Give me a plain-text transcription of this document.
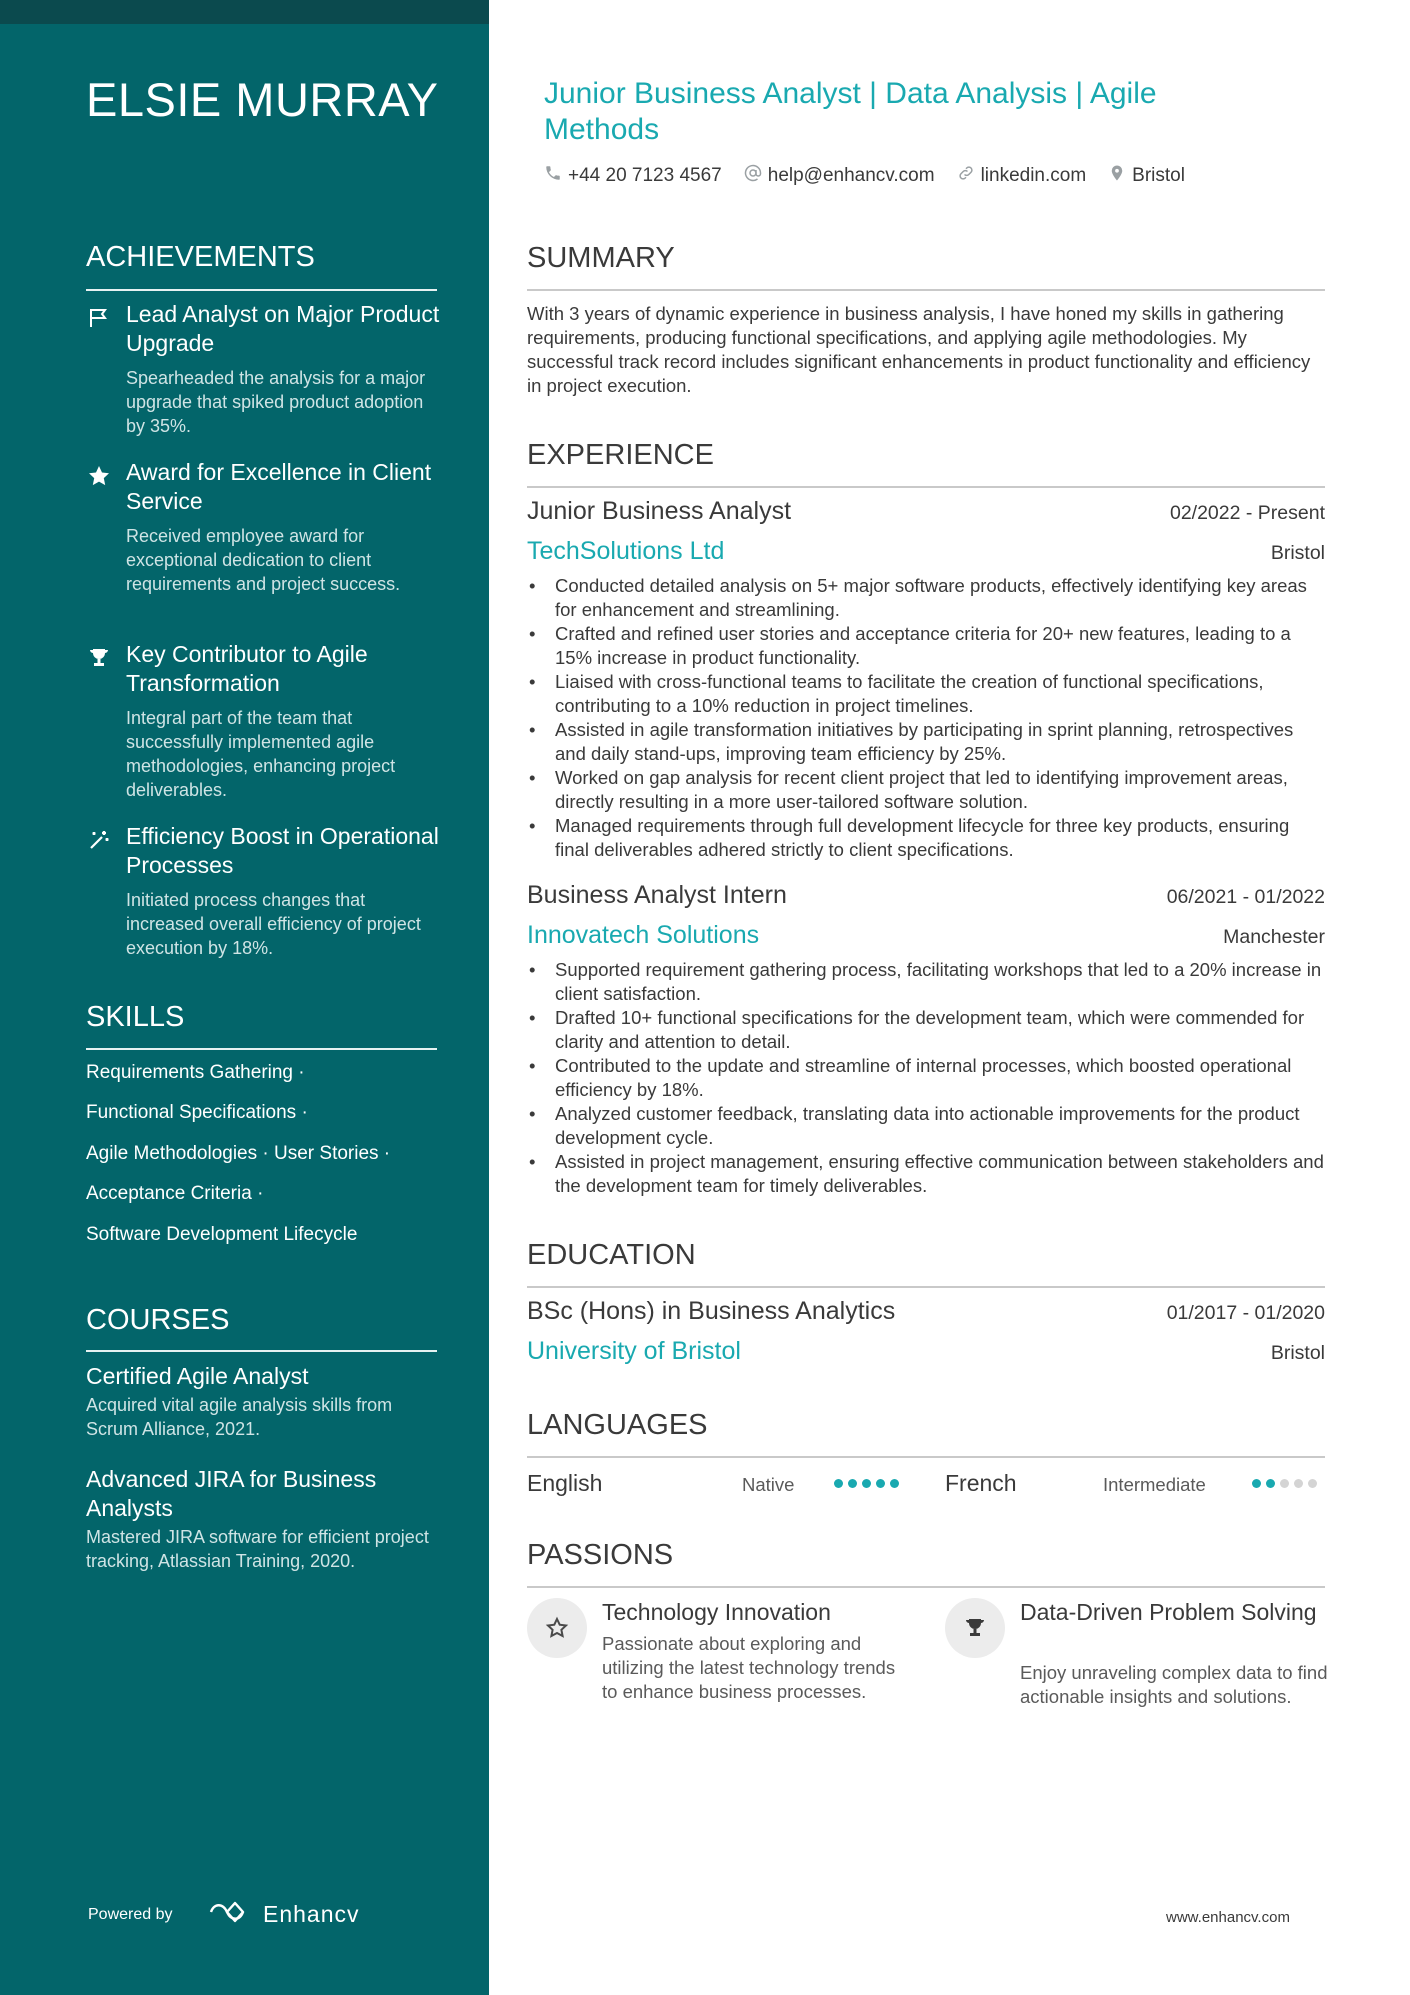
ELSIE MURRAY
ACHIEVEMENTS
Lead Analyst on Major Product Upgrade
Spearheaded the analysis for a major upgrade that spiked product adoption by 35%.
Award for Excellence in Client Service
Received employee award for exceptional dedication to client requirements and project success.
Key Contributor to Agile Transformation
Integral part of the team that successfully implemented agile methodologies, enhancing project deliverables.
Efficiency Boost in Operational Processes
Initiated process changes that increased overall efficiency of project execution by 18%.
SKILLS
Requirements Gathering ·
Functional Specifications ·
Agile Methodologies · User Stories ·
Acceptance Criteria ·
Software Development Lifecycle
COURSES
Certified Agile Analyst
Acquired vital agile analysis skills from Scrum Alliance, 2021.
Advanced JIRA for Business Analysts
Mastered JIRA software for efficient project tracking, Atlassian Training, 2020.
Powered by	Enhancv
Junior Business Analyst | Data Analysis | Agile Methods
+44 20 7123 4567 help@enhancv.com linkedin.com Bristol
SUMMARY
With 3 years of dynamic experience in business analysis, I have honed my skills in gathering requirements, producing functional specifications, and applying agile methodologies. My successful track record includes significant enhancements in product functionality and efficiency in project execution.
EXPERIENCE
Junior Business Analyst	02/2022 - Present
TechSolutions Ltd	Bristol
• Conducted detailed analysis on 5+ major software products, effectively identifying key areas for enhancement and streamlining.
• Crafted and refined user stories and acceptance criteria for 20+ new features, leading to a 15% increase in product functionality.
• Liaised with cross-functional teams to facilitate the creation of functional specifications, contributing to a 10% reduction in project timelines.
• Assisted in agile transformation initiatives by participating in sprint planning, retrospectives and daily stand-ups, improving team efficiency by 25%.
• Worked on gap analysis for recent client project that led to identifying improvement areas, directly resulting in a more user-tailored software solution.
• Managed requirements through full development lifecycle for three key products, ensuring final deliverables adhered strictly to client specifications.
Business Analyst Intern	06/2021 - 01/2022
Innovatech Solutions	Manchester
• Supported requirement gathering process, facilitating workshops that led to a 20% increase in client satisfaction.
• Drafted 10+ functional specifications for the development team, which were commended for clarity and attention to detail.
• Contributed to the update and streamline of internal processes, which boosted operational efficiency by 18%.
• Analyzed customer feedback, translating data into actionable improvements for the product development cycle.
• Assisted in project management, ensuring effective communication between stakeholders and the development team for timely deliverables.
EDUCATION
BSc (Hons) in Business Analytics	01/2017 - 01/2020
University of Bristol	Bristol
LANGUAGES
English	Native	French	Intermediate
PASSIONS
Technology Innovation
Passionate about exploring and utilizing the latest technology trends to enhance business processes.
Data-Driven Problem Solving
Enjoy unraveling complex data to find actionable insights and solutions.
www.enhancv.com
